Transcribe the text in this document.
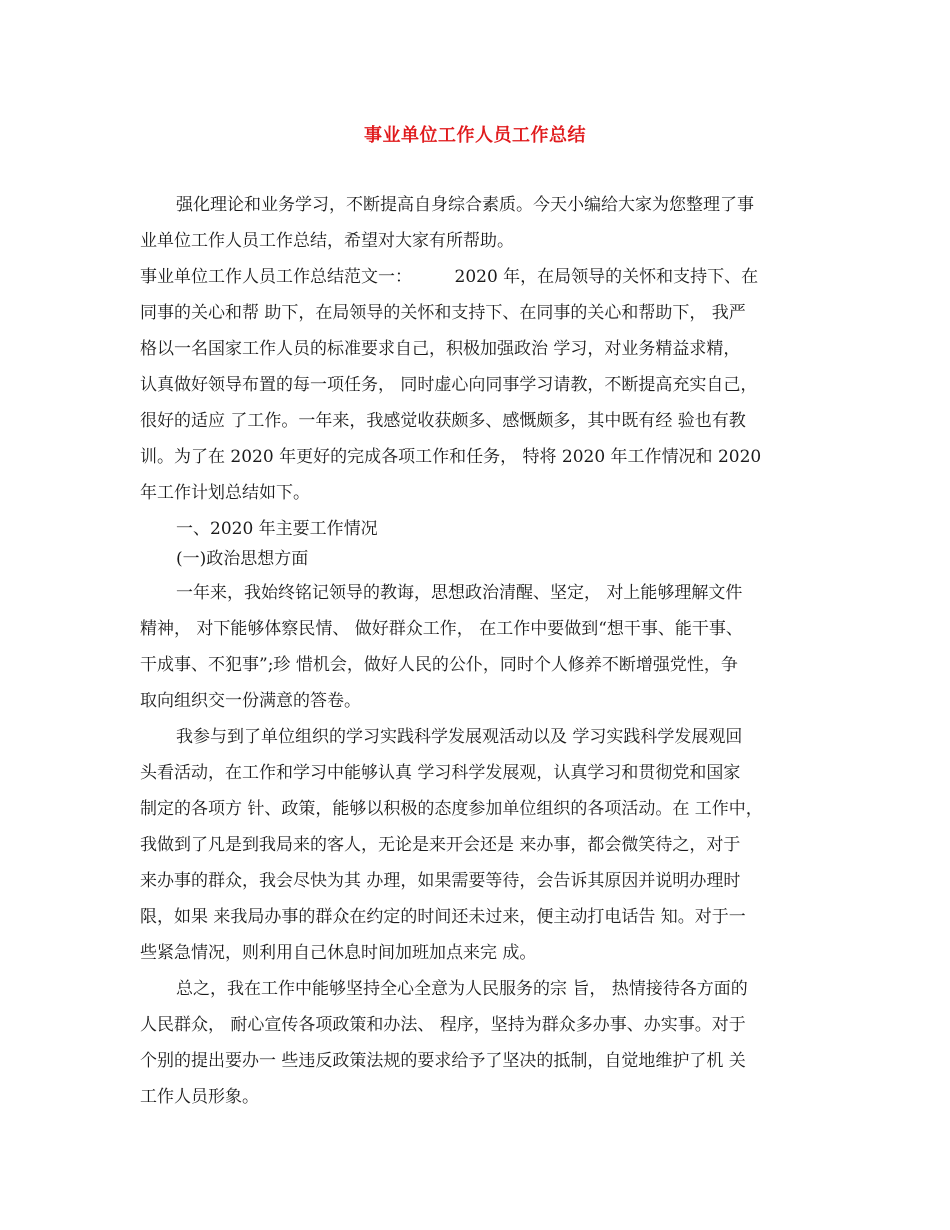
事业单位工作人员工作总结
强化理论和业务学习，不断提高自身综合素质。今天小编给大家为您整理了事
业单位工作人员工作总结，希望对大家有所帮助。
事业单位工作人员工作总结范文一：　　　2020 年，在局领导的关怀和支持下、在
同事的关心和帮 助下，在局领导的关怀和支持下、在同事的关心和帮助下， 我严
格以一名国家工作人员的标准要求自己，积极加强政治 学习，对业务精益求精，
认真做好领导布置的每一项任务， 同时虚心向同事学习请教，不断提高充实自己，
很好的适应 了工作。一年来，我感觉收获颇多、感慨颇多，其中既有经 验也有教
训。为了在 2020 年更好的完成各项工作和任务， 特将 2020 年工作情况和 2020
年工作计划总结如下。
一、2020 年主要工作情况
(一)政治思想方面
一年来，我始终铭记领导的教诲，思想政治清醒、坚定， 对上能够理解文件
精神， 对下能够体察民情、 做好群众工作， 在工作中要做到“想干事、能干事、
干成事、不犯事”;珍 惜机会，做好人民的公仆，同时个人修养不断增强党性，争
取向组织交一份满意的答卷。
我参与到了单位组织的学习实践科学发展观活动以及 学习实践科学发展观回
头看活动，在工作和学习中能够认真 学习科学发展观，认真学习和贯彻党和国家
制定的各项方 针、政策，能够以积极的态度参加单位组织的各项活动。在 工作中，
我做到了凡是到我局来的客人，无论是来开会还是 来办事，都会微笑待之，对于
来办事的群众，我会尽快为其 办理，如果需要等待，会告诉其原因并说明办理时
限，如果 来我局办事的群众在约定的时间还未过来，便主动打电话告 知。对于一
些紧急情况，则利用自己休息时间加班加点来完 成。
总之，我在工作中能够坚持全心全意为人民服务的宗 旨， 热情接待各方面的
人民群众， 耐心宣传各项政策和办法、 程序，坚持为群众多办事、办实事。对于
个别的提出要办一 些违反政策法规的要求给予了坚决的抵制，自觉地维护了机 关
工作人员形象。
